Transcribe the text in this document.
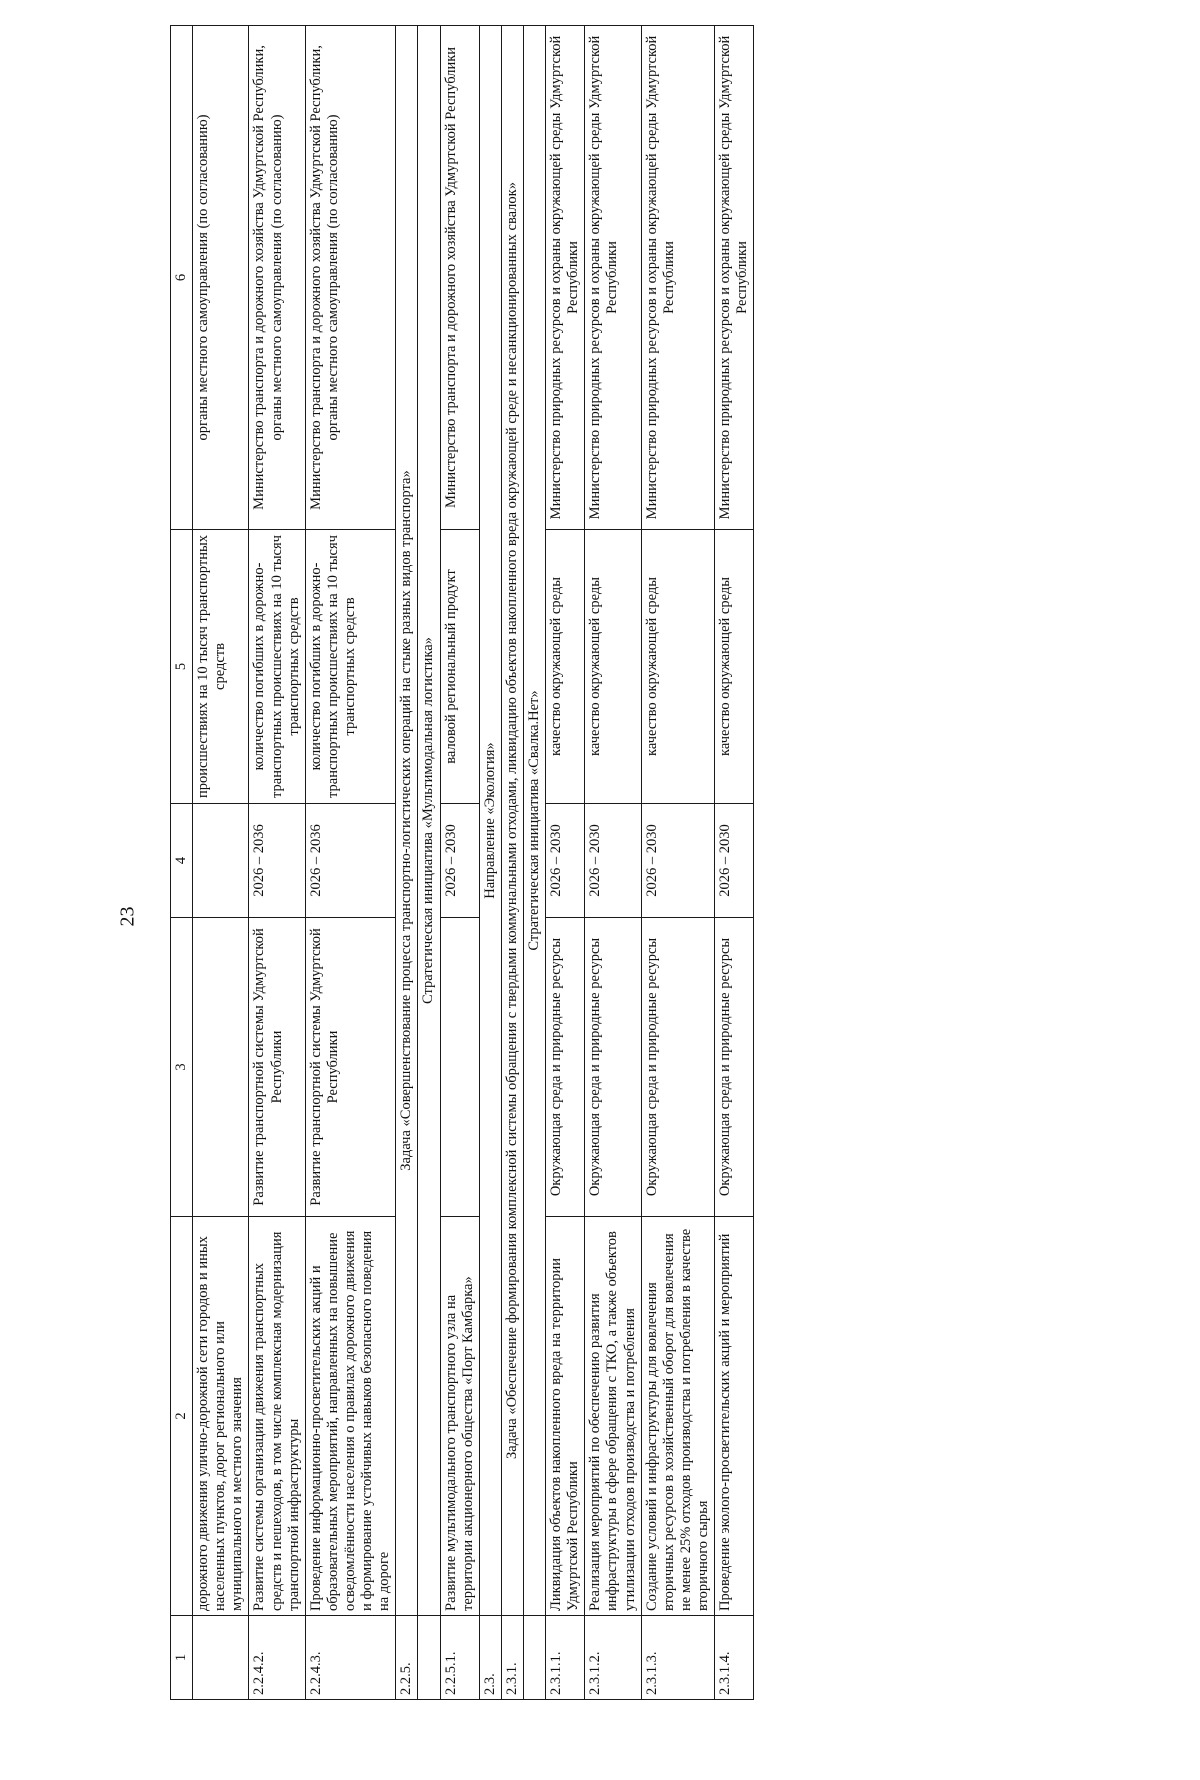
23
1	2	3	4	5	6
	дорожного движения улично-дорожной сети городов и иных населенных пунктов, дорог регионального или муниципального и местного значения			происшествиях на 10 тысяч транспортных средств	органы местного самоуправления (по согласованию)
2.2.4.2.	Развитие системы организации движения транспортных средств и пешеходов, в том числе комплексная модернизация транспортной инфраструктуры	Развитие транспортной системы Удмуртской Республики	2026 – 2036	количество погибших в дорожно-транспортных происшествиях на 10 тысяч транспортных средств	Министерство транспорта и дорожного хозяйства Удмуртской Республики, органы местного самоуправления (по согласованию)
2.2.4.3.	Проведение информационно-просветительских акций и образовательных мероприятий, направленных на повышение осведомлённости населения о правилах дорожного движения и формирование устойчивых навыков безопасного поведения на дороге	Развитие транспортной системы Удмуртской Республики	2026 – 2036	количество погибших в дорожно-транспортных происшествиях на 10 тысяч транспортных средств	Министерство транспорта и дорожного хозяйства Удмуртской Республики, органы местного самоуправления (по согласованию)
2.2.5.	Задача «Совершенствование процесса транспортно-логистических операций на стыке разных видов транспорта»				
	Стратегическая инициатива «Мультимодальная логистика»				
2.2.5.1.	Развитие мультимодального транспортного узла на территории акционерного общества «Порт Камбарка»		2026 – 2030	валовой региональный продукт	Министерство транспорта и дорожного хозяйства Удмуртской Республики
2.3.	Направление «Экология»				
2.3.1.	Задача «Обеспечение формирования комплексной системы обращения с твердыми коммунальными отходами, ликвидацию объектов накопленного вреда окружающей среде и несанкционированных свалок»				
	Стратегическая инициатива «Свалка.Нет»				
2.3.1.1.	Ликвидация объектов накопленного вреда на территории Удмуртской Республики	Окружающая среда и природные ресурсы	2026 – 2030	качество окружающей среды	Министерство природных ресурсов и охраны окружающей среды Удмуртской Республики
2.3.1.2.	Реализация мероприятий по обеспечению развития инфраструктуры в сфере обращения с ТКО, а также объектов утилизации отходов производства и потребления	Окружающая среда и природные ресурсы	2026 – 2030	качество окружающей среды	Министерство природных ресурсов и охраны окружающей среды Удмуртской Республики
2.3.1.3.	Создание условий и инфраструктуры для вовлечения вторичных ресурсов в хозяйственный оборот для вовлечения не менее 25% отходов производства и потребления в качестве вторичного сырья	Окружающая среда и природные ресурсы	2026 – 2030	качество окружающей среды	Министерство природных ресурсов и охраны окружающей среды Удмуртской Республики
2.3.1.4.	Проведение эколого-просветительских акций и мероприятий	Окружающая среда и природные ресурсы	2026 – 2030	качество окружающей среды	Министерство природных ресурсов и охраны окружающей среды Удмуртской Республики
